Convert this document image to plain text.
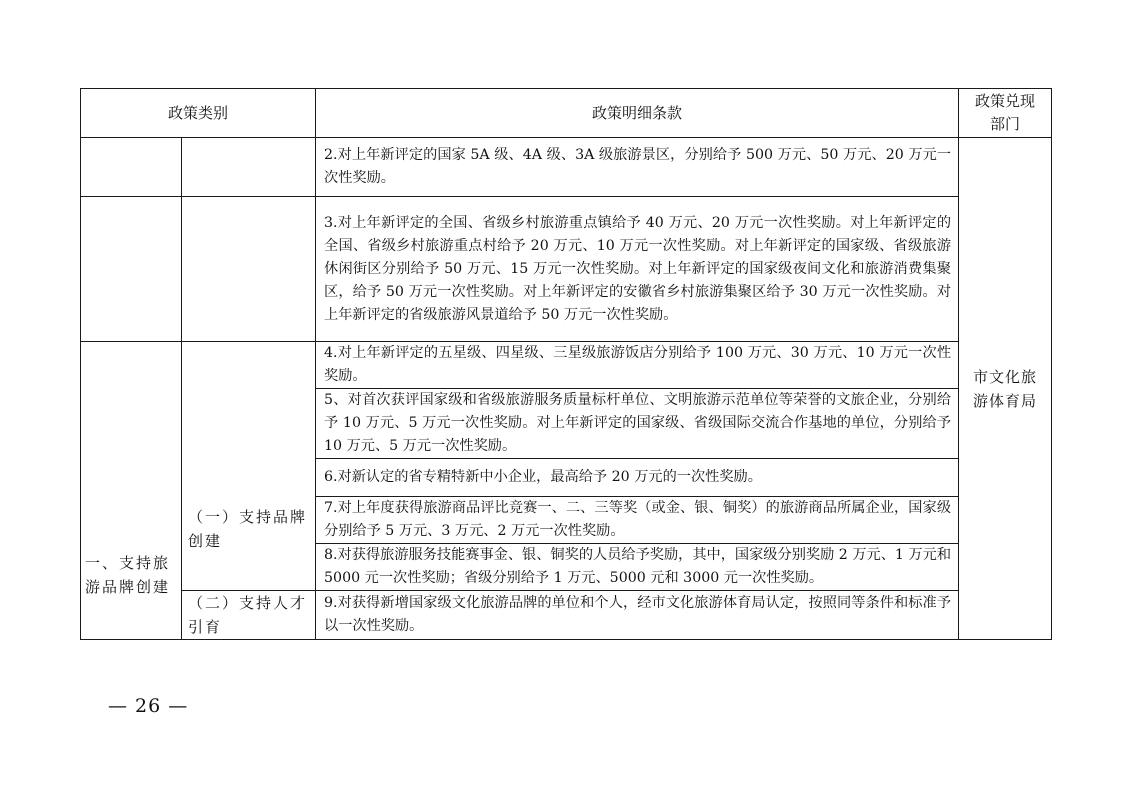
政策类别		政策明细条款	政策兑现部门
		2.对上年新评定的国家 5A 级、4A 级、3A 级旅游景区，分别给予 500 万元、50 万元、20 万元一次性奖励。	市文化旅游体育局
		3.对上年新评定的全国、省级乡村旅游重点镇给予 40 万元、20 万元一次性奖励。对上年新评定的全国、省级乡村旅游重点村给予 20 万元、10 万元一次性奖励。对上年新评定的国家级、省级旅游休闲街区分别给予 50 万元、15 万元一次性奖励。对上年新评定的国家级夜间文化和旅游消费集聚区，给予 50 万元一次性奖励。对上年新评定的安徽省乡村旅游集聚区给予 30 万元一次性奖励。对上年新评定的省级旅游风景道给予 50 万元一次性奖励。	
一、支持旅游品牌创建	（一）支持品牌创建	4.对上年新评定的五星级、四星级、三星级旅游饭店分别给予 100 万元、30 万元、10 万元一次性奖励。	
		5、对首次获评国家级和省级旅游服务质量标杆单位、文明旅游示范单位等荣誉的文旅企业，分别给予 10 万元、5 万元一次性奖励。对上年新评定的国家级、省级国际交流合作基地的单位，分别给予 10 万元、5 万元一次性奖励。	
		6.对新认定的省专精特新中小企业，最高给予 20 万元的一次性奖励。	
		7.对上年度获得旅游商品评比竞赛一、二、三等奖（或金、银、铜奖）的旅游商品所属企业，国家级分别给予 5 万元、3 万元、2 万元一次性奖励。	
		8.对获得旅游服务技能赛事金、银、铜奖的人员给予奖励，其中，国家级分别奖励 2 万元、1 万元和 5000 元一次性奖励；省级分别给予 1 万元、5000 元和 3000 元一次性奖励。	
	（二）支持人才引育	9.对获得新增国家级文化旅游品牌的单位和个人，经市文化旅游体育局认定，按照同等条件和标准予以一次性奖励。	
— 26 —
